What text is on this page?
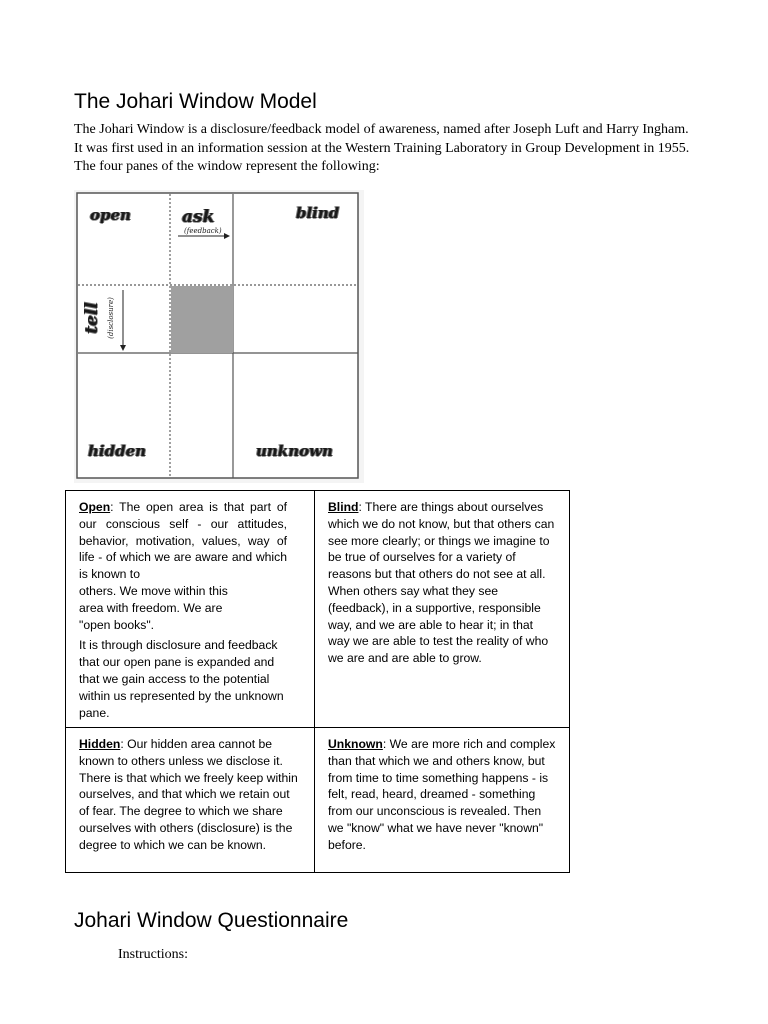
The Johari Window Model

The Johari Window is a disclosure/feedback model of awareness, named after Joseph Luft and Harry Ingham. It was first used in an information session at the Western Training Laboratory in Group Development in 1955. The four panes of the window represent the following:

open	ask
(feedback)
blind
tell (disclosure)
hidden	unknown

Open: The open area is that part of our conscious self - our attitudes, behavior, motivation, values, way of life - of which we are aware and which is known to

others. We move within this area with freedom. We are "open books".

It is through disclosure and feedback that our open pane is expanded and that we gain access to the potential within us represented by the unknown pane.

Blind: There are things about ourselves which we do not know, but that others can see more clearly; or things we imagine to be true of ourselves for a variety of reasons but that others do not see at all. When others say what they see (feedback), in a supportive, responsible way, and we are able to hear it; in that way we are able to test the reality of who we are and are able to grow.

Hidden: Our hidden area cannot be known to others unless we disclose it. There is that which we freely keep within ourselves, and that which we retain out of fear. The degree to which we share ourselves with others (disclosure) is the degree to which we can be known.

Unknown: We are more rich and complex than that which we and others know, but from time to time something happens - is felt, read, heard, dreamed - something from our unconscious is revealed. Then we "know" what we have never "known" before.

Johari Window Questionnaire

Instructions:
